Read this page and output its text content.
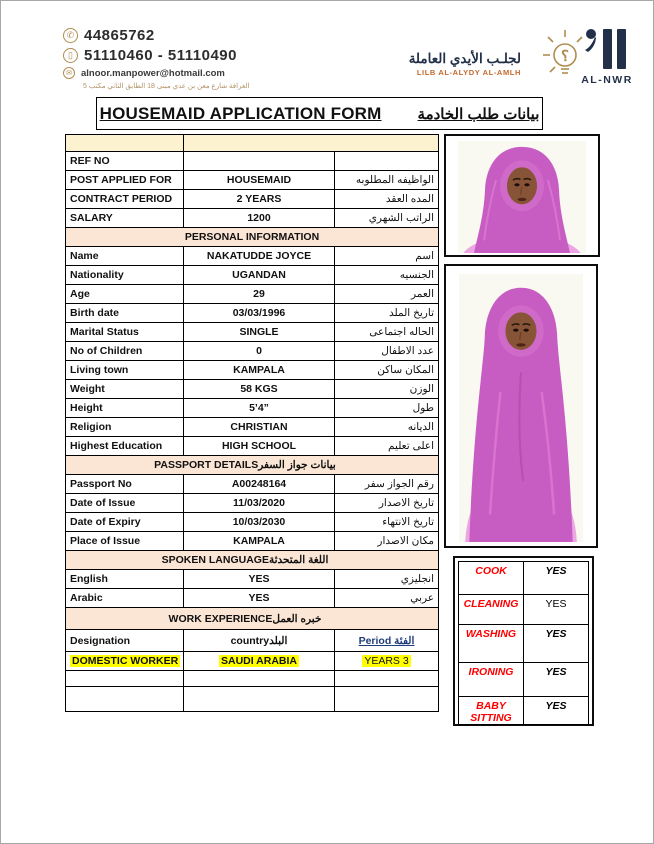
✆ 44865762
▯ 51110460 - 51110490
✉ alnoor.manpower@hotmail.com
الغرافة شارع معن بن عدي مبنى 18 الطابق الثاني مكتب 5
لجلـب الأيدي العاملة
LILB AL-ALYDY AL-AMLH
؟
AL-NWR
HOUSEMAID APPLICATION FORM بيانات طلب الخادمة

REF NO		
POST APPLIED FOR	HOUSEMAID	الواظيفه المطلوبه
CONTRACT PERIOD	2 YEARS	المده العقد
SALARY	1200	الراتب الشهري
PERSONAL INFORMATION		
Name	NAKATUDDE JOYCE	اسم
Nationality	UGANDAN	الجنسيه
Age	29	العمر
Birth date	03/03/1996	تاريخ الملد
Marital Status	SINGLE	الحاله اجتماعى
No of Children	0	عدد الاطفال
Living town	KAMPALA	المكان ساكن
Weight	58 KGS	الوزن
Height	5’4”	طول
Religion	CHRISTIAN	الديانه
Highest Education	HIGH SCHOOL	اعلى تعليم
PASSPORT DETAILSبيانات جواز السفر		
Passport No	A00248164	رقم الجواز سفر
Date of Issue	11/03/2020	تاريخ الاصدار
Date of Expiry	10/03/2030	تاريخ الانتهاء
Place of Issue	KAMPALA	مكان الاصدار
SPOKEN LANGUAGEاللغة المتحدثة		
English	YES	انجليزي
Arabic	YES	عربي
WORK EXPERIENCEخبره العمل		
Designation	countryالبلد	الفئة Period
DOMESTIC WORKER	SAUDI ARABIA	3 YEARS

COOK	YES
CLEANING	YES
WASHING	YES
IRONING	YES
BABY SITTING	YES
